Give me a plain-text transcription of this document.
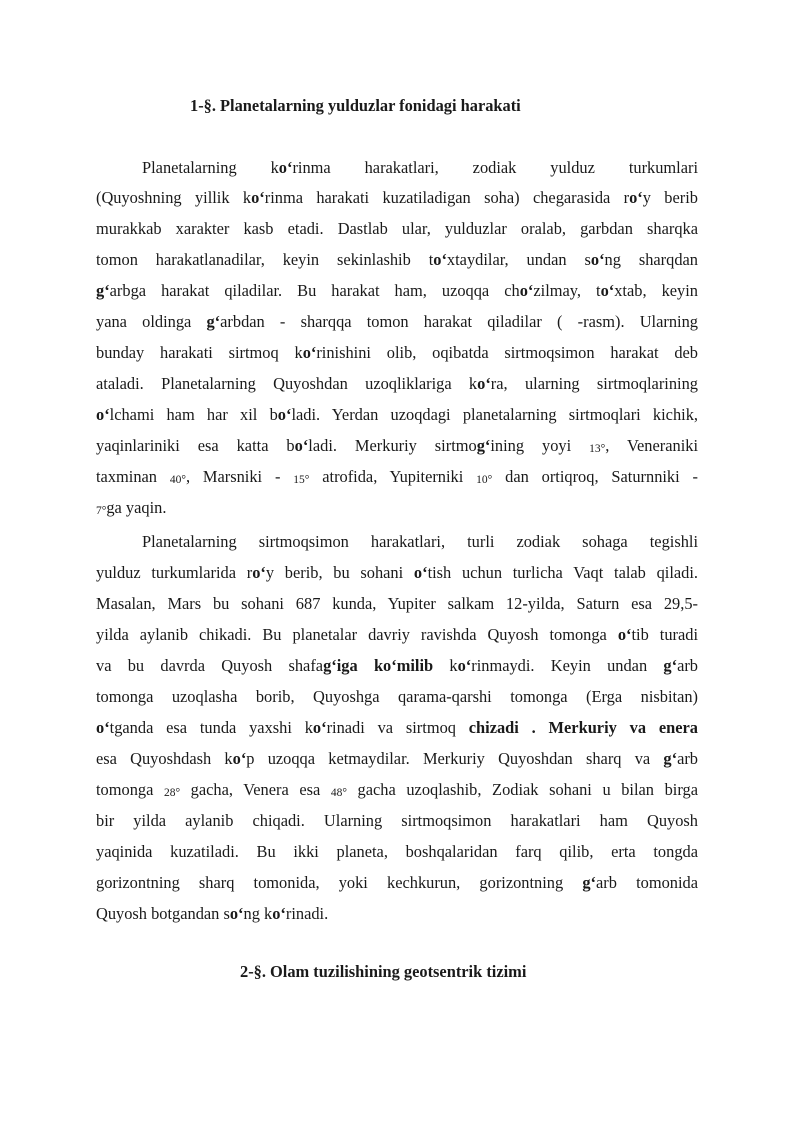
1-§. Planetalarning yulduzlar fonidagi harakati
Planetalarning ko‘rinma harakatlari, zodiak yulduz turkumlari
(Quyoshning yillik ko‘rinma harakati kuzatiladigan soha) chegarasida ro‘y berib
murakkab xarakter kasb etadi. Dastlab ular, yulduzlar oralab, garbdan sharqka
tomon harakatlanadilar, keyin sekinlashib to‘xtaydilar, undan so‘ng sharqdan
g‘arbga harakat qiladilar. Bu harakat ham, uzoqqa cho‘zilmay, to‘xtab, keyin
yana oldinga g‘arbdan - sharqqa tomon harakat qiladilar ( -rasm). Ularning
bunday harakati sirtmoq ko‘rinishini olib, oqibatda sirtmoqsimon harakat deb
ataladi. Planetalarning Quyoshdan uzoqliklariga ko‘ra, ularning sirtmoqlarining
o‘lchami ham har xil bo‘ladi. Yerdan uzoqdagi planetalarning sirtmoqlari kichik,
yaqinlariniki esa katta bo‘ladi. Merkuriy sirtmog‘ining yoyi 13°, Veneraniki
taxminan 40°, Marsniki - 15° atrofida, Yupiterniki 10° dan ortiqroq, Saturnniki -
7°ga yaqin.
Planetalarning sirtmoqsimon harakatlari, turli zodiak sohaga tegishli
yulduz turkumlarida ro‘y berib, bu sohani o‘tish uchun turlicha Vaqt talab qiladi.
Masalan, Mars bu sohani 687 kunda, Yupiter salkam 12-yilda, Saturn esa 29,5-
yilda aylanib chikadi. Bu planetalar davriy ravishda Quyosh tomonga o‘tib turadi
va bu davrda Quyosh shafag‘iga ko‘milib ko‘rinmaydi. Keyin undan g‘arb
tomonga uzoqlasha borib, Quyoshga qarama-qarshi tomonga (Erga nisbitan)
o‘tganda esa tunda yaxshi ko‘rinadi va sirtmoq chizadi . Merkuriy va enera
esa Quyoshdash ko‘p uzoqqa ketmaydilar. Merkuriy Quyoshdan sharq va g‘arb
tomonga 28° gacha, Venera esa 48° gacha uzoqlashib, Zodiak sohani u bilan birga
bir yilda aylanib chiqadi. Ularning sirtmoqsimon harakatlari ham Quyosh
yaqinida kuzatiladi. Bu ikki planeta, boshqalaridan farq qilib, erta tongda
gorizontning sharq tomonida, yoki kechkurun, gorizontning g‘arb tomonida
Quyosh botgandan so‘ng ko‘rinadi.
2-§. Olam tuzilishining geotsentrik tizimi
